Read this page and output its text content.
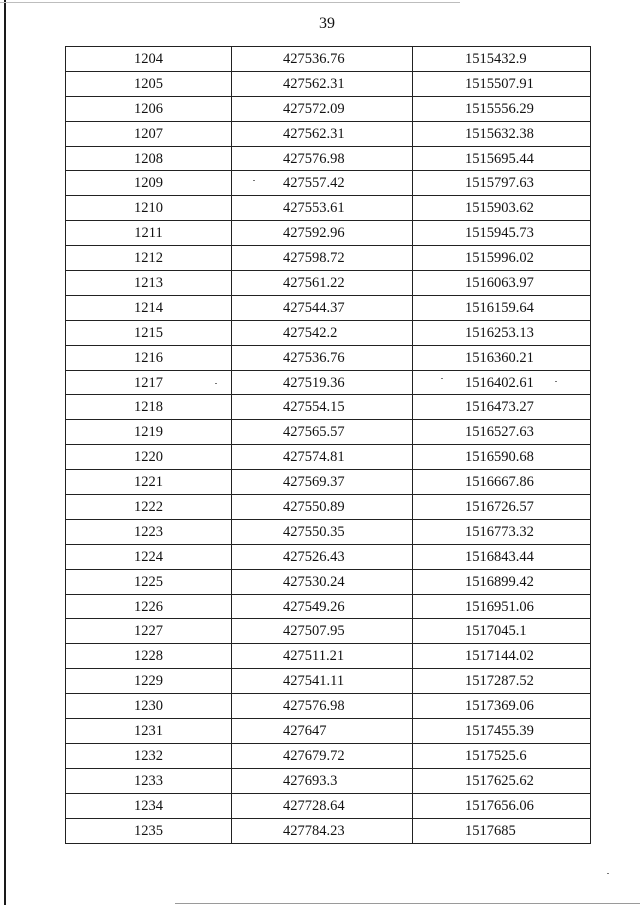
39
1204	427536.76	1515432.9
1205	427562.31	1515507.91
1206	427572.09	1515556.29
1207	427562.31	1515632.38
1208	427576.98	1515695.44
1209	427557.42	1515797.63
1210	427553.61	1515903.62
1211	427592.96	1515945.73
1212	427598.72	1515996.02
1213	427561.22	1516063.97
1214	427544.37	1516159.64
1215	427542.2	1516253.13
1216	427536.76	1516360.21
1217	427519.36	1516402.61
1218	427554.15	1516473.27
1219	427565.57	1516527.63
1220	427574.81	1516590.68
1221	427569.37	1516667.86
1222	427550.89	1516726.57
1223	427550.35	1516773.32
1224	427526.43	1516843.44
1225	427530.24	1516899.42
1226	427549.26	1516951.06
1227	427507.95	1517045.1
1228	427511.21	1517144.02
1229	427541.11	1517287.52
1230	427576.98	1517369.06
1231	427647	1517455.39
1232	427679.72	1517525.6
1233	427693.3	1517625.62
1234	427728.64	1517656.06
1235	427784.23	1517685
